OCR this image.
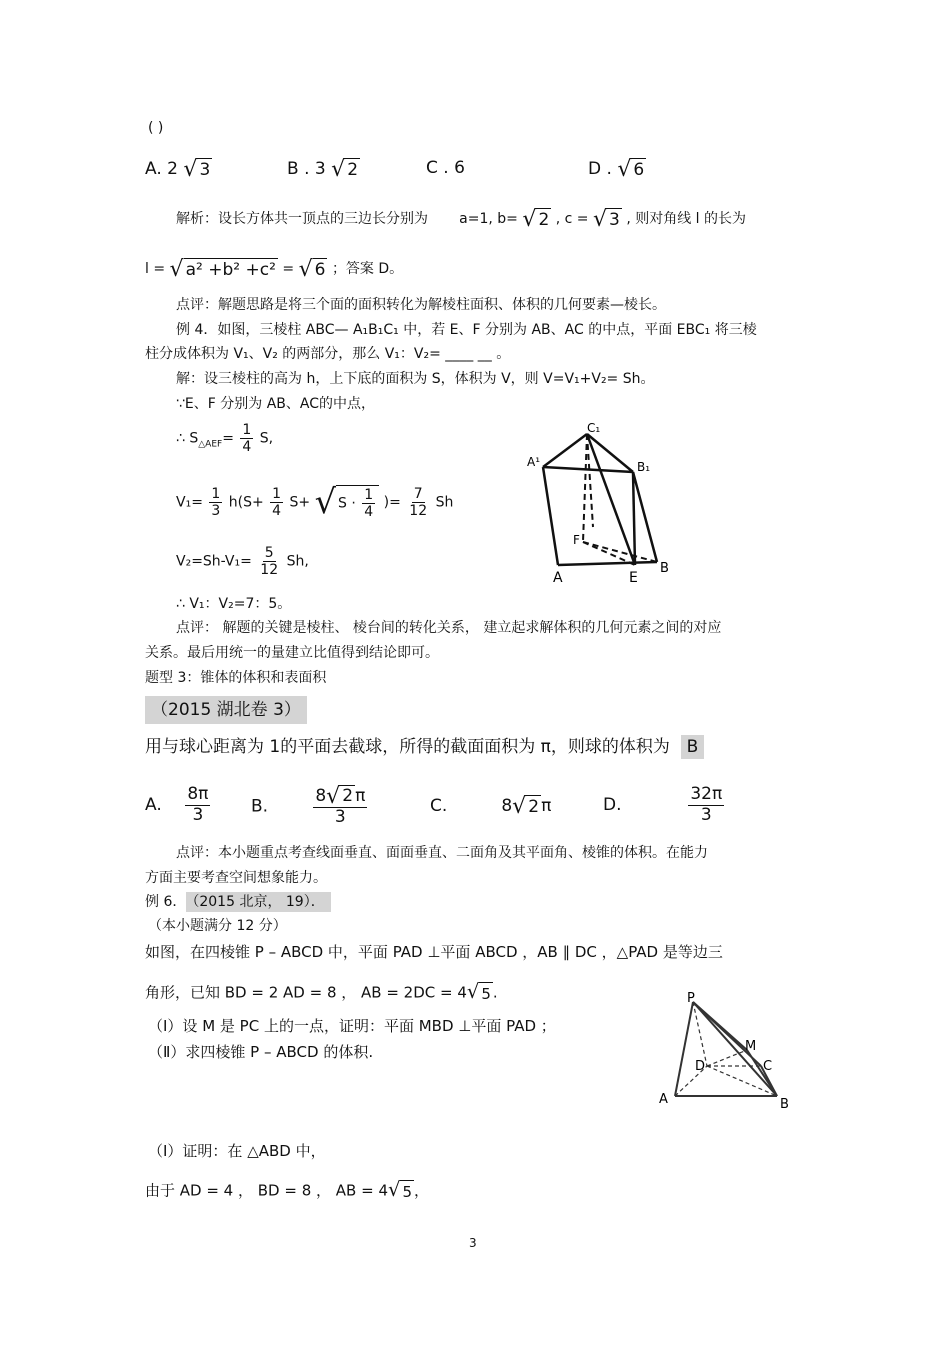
( )
A. 2 √ 3	B . 3 √ 2	C . 6	D . √ 6
解析：设长方体共一顶点的三边长分别为 a=1, b= √ 2 , c = √ 3 , 则对角线 l 的长为
l = √ a² +b² +c² = √ 6 ；答案 D。
点评：解题思路是将三个面的面积转化为解棱柱面积、体积的几何要素—棱长。
例 4．如图，三棱柱 ABC— A₁B₁C₁ 中，若 E、F 分别为 AB、AC 的中点，平面 EBC₁ 将三棱
柱分成体积为 V₁、V₂ 的两部分，那么 V₁：V₂= ____ __ 。
解：设三棱柱的高为 h，上下底的面积为 S，体积为 V，则 V=V₁+V₂= Sh。
∵E、F 分别为 AB、AC的中点，
∴ $S_{\triangle AEF}= \frac{1}{4} S$,
$V_1= \frac{1}{3} h(S+ \frac{1}{4} S+$ √ $S \cdot \frac{1}{4}$ )= $\frac{7}{12}$ Sh
$V_2=Sh-V_1= \frac{5}{12} Sh$,
∴ V₁：V₂=7：5。
点评： 解题的关键是棱柱、 棱台间的转化关系， 建立起求解体积的几何元素之间的对应
关系。最后用统一的量建立比值得到结论即可。
C₁
A¹	B₁
F
A	E
B
题型 3：锥体的体积和表面积
（2015 湖北卷 3）
用与球心距离为 1的平面去截球，所得的截面面积为 π，则球的体积为 B
A. $\frac{8\pi}{3} B$.	$\frac{8 √ 2 \pi}{3}$	C.	8 √ 2 π	D.	$\frac{32\pi}{3}$
点评：本小题重点考查线面垂直、面面垂直、二面角及其平面角、棱锥的体积。在能力
方面主要考查空间想象能力。
例 6． （2015 北京， 19）．
（本小题满分 12 分）
如图，在四棱锥 P – ABCD 中，平面 PAD ⊥平面 ABCD ，AB ∥ DC ，△PAD 是等边三
角形，已知 BD = 2 AD = 8 ， AB = 2DC = 4 √ 5 .
（Ⅰ）设 M 是 PC 上的一点，证明：平面 MBD ⊥平面 PAD ；
（Ⅱ）求四棱锥 P – ABCD 的体积.
P
M
D	C
A	B
（Ⅰ）证明：在 △ABD 中，
由于 AD = 4 ， BD = 8 ， AB = 4 √ 5 ，
3
